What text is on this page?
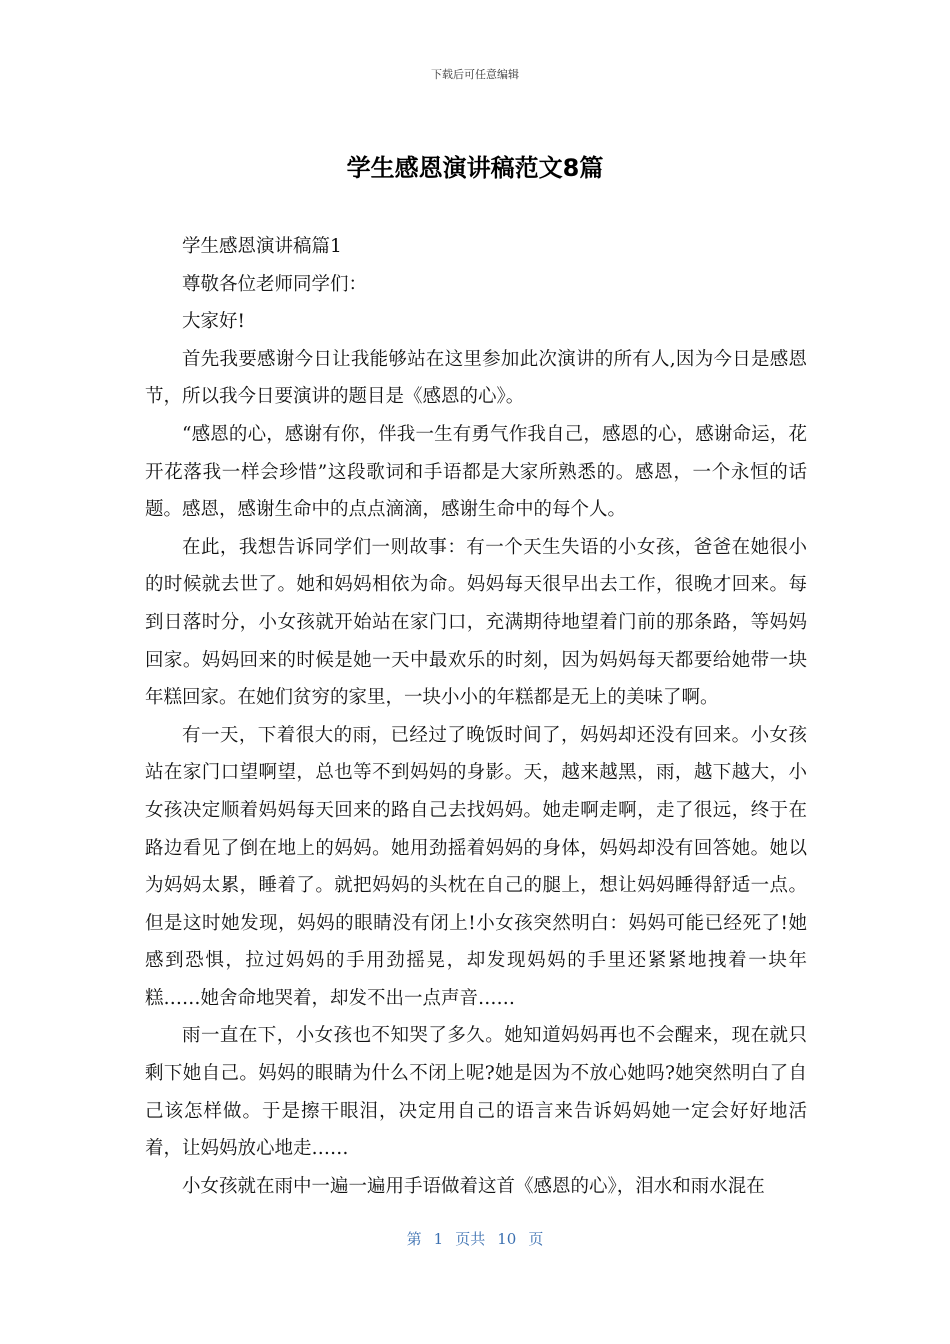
下载后可任意编辑
学生感恩演讲稿范文8篇

学生感恩演讲稿篇1

尊敬各位老师同学们：

大家好!

首先我要感谢今日让我能够站在这里参加此次演讲的所有人,因为今日是感恩节，所以我今日要演讲的题目是《感恩的心》。

“感恩的心，感谢有你，伴我一生有勇气作我自己，感恩的心，感谢命运，花开花落我一样会珍惜”这段歌词和手语都是大家所熟悉的。感恩，一个永恒的话题。感恩，感谢生命中的点点滴滴，感谢生命中的每个人。

在此，我想告诉同学们一则故事：有一个天生失语的小女孩，爸爸在她很小的时候就去世了。她和妈妈相依为命。妈妈每天很早出去工作，很晚才回来。每到日落时分，小女孩就开始站在家门口，充满期待地望着门前的那条路，等妈妈回家。妈妈回来的时候是她一天中最欢乐的时刻，因为妈妈每天都要给她带一块年糕回家。在她们贫穷的家里，一块小小的年糕都是无上的美味了啊。

有一天，下着很大的雨，已经过了晚饭时间了，妈妈却还没有回来。小女孩站在家门口望啊望，总也等不到妈妈的身影。天，越来越黑，雨，越下越大，小女孩决定顺着妈妈每天回来的路自己去找妈妈。她走啊走啊，走了很远，终于在路边看见了倒在地上的妈妈。她用劲摇着妈妈的身体，妈妈却没有回答她。她以为妈妈太累，睡着了。就把妈妈的头枕在自己的腿上，想让妈妈睡得舒适一点。但是这时她发现，妈妈的眼睛没有闭上!小女孩突然明白：妈妈可能已经死了!她感到恐惧，拉过妈妈的手用劲摇晃，却发现妈妈的手里还紧紧地拽着一块年糕……她舍命地哭着，却发不出一点声音……

雨一直在下，小女孩也不知哭了多久。她知道妈妈再也不会醒来，现在就只剩下她自己。妈妈的眼睛为什么不闭上呢?她是因为不放心她吗?她突然明白了自己该怎样做。于是擦干眼泪，决定用自己的语言来告诉妈妈她一定会好好地活着，让妈妈放心地走……

小女孩就在雨中一遍一遍用手语做着这首《感恩的心》，泪水和雨水混在

第 1 页共 10 页
